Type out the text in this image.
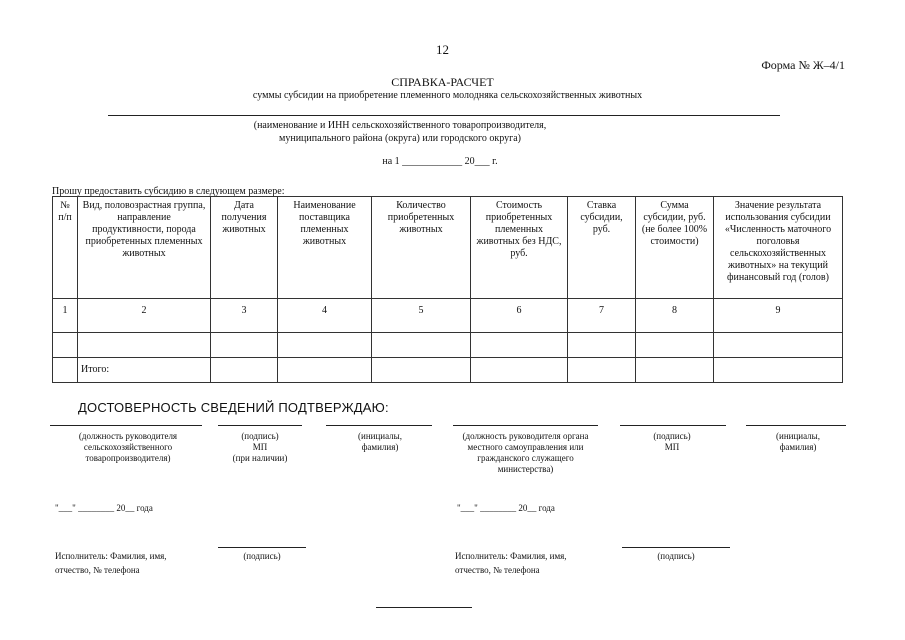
12
Форма № Ж–4/1
СПРАВКА-РАСЧЕТ
суммы субсидии на приобретение племенного молодняка сельскохозяйственных животных
(наименование и ИНН сельскохозяйственного товаропроизводителя,
муниципального района (округа) или городского округа)
на 1 ____________ 20___ г.
Прошу предоставить субсидию в следующем размере:
№ п/п	Вид, половозрастная группа, направление продуктивности, порода приобретенных племенных животных	Дата получения животных	Наименование поставщика племенных животных	Количество приобретенных животных	Стоимость приобретенных племенных животных без НДС, руб.	Ставка субсидии, руб.	Сумма субсидии, руб. (не более 100% стоимости)	Значение результата использования субсидии «Численность маточного поголовья сельскохозяйственных животных» на текущий финансовый год (голов)
1	2	3	4	5	6	7	8	9

	Итого:							
ДОСТОВЕРНОСТЬ СВЕДЕНИЙ ПОДТВЕРЖДАЮ:
(должность руководителя сельскохозяйственного товаропроизводителя)
(подпись)
МП
(при наличии)
(инициалы, фамилия)
(должность руководителя органа местного самоуправления или гражданского служащего министерства)
(подпись)
МП
(инициалы, фамилия)
"___" ________ 20__ года	"___" ________ 20__ года
Исполнитель: Фамилия, имя,
отчество, № телефона
(подпись)	Исполнитель: Фамилия, имя,
отчество, № телефона
(подпись)
